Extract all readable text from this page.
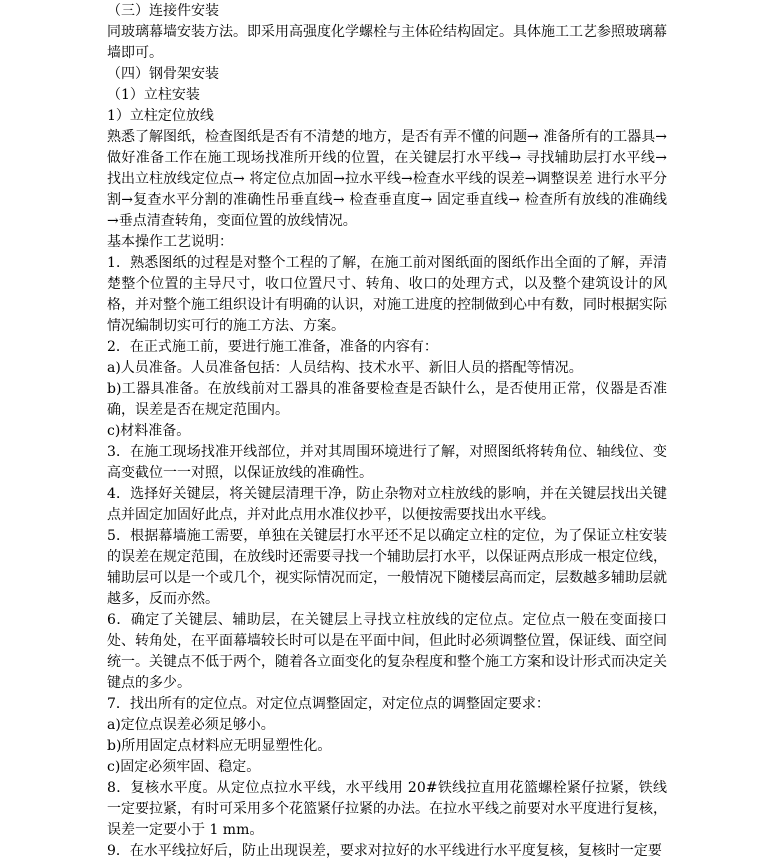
（三）连接件安装

同玻璃幕墙安装方法。即采用高强度化学螺栓与主体砼结构固定。具体施工工艺参照玻璃幕墙即可。

（四）钢骨架安装

（1）立柱安装

1）立柱定位放线

熟悉了解图纸，检查图纸是否有不清楚的地方，是否有弄不懂的问题→ 准备所有的工器具→做好准备工作在施工现场找准所开线的位置，在关键层打水平线→ 寻找辅助层打水平线→ 找出立柱放线定位点→ 将定位点加固→拉水平线→检查水平线的误差→调整误差 进行水平分割→复查水平分割的准确性吊垂直线→ 检查垂直度→ 固定垂直线→ 检查所有放线的准确线→垂点清查转角，变面位置的放线情况。

基本操作工艺说明：

1．熟悉图纸的过程是对整个工程的了解，在施工前对图纸面的图纸作出全面的了解，弄清楚整个位置的主导尺寸，收口位置尺寸、转角、收口的处理方式，以及整个建筑设计的风格，并对整个施工组织设计有明确的认识，对施工进度的控制做到心中有数，同时根据实际情况编制切实可行的施工方法、方案。

2．在正式施工前，要进行施工准备，准备的内容有：

a)人员准备。人员准备包括：人员结构、技术水平、新旧人员的搭配等情况。

b)工器具准备。在放线前对工器具的准备要检查是否缺什么，是否使用正常，仪器是否准确，误差是否在规定范围内。

c)材料准备。

3．在施工现场找准开线部位，并对其周围环境进行了解，对照图纸将转角位、轴线位、变高变截位一一对照，以保证放线的准确性。

4．选择好关键层，将关键层清理干净，防止杂物对立柱放线的影响，并在关键层找出关键点并固定加固好此点，并对此点用水准仪抄平，以便按需要找出水平线。

5．根据幕墙施工需要，单独在关键层打水平还不足以确定立柱的定位，为了保证立柱安装的误差在规定范围，在放线时还需要寻找一个辅助层打水平，以保证两点形成一根定位线，辅助层可以是一个或几个，视实际情况而定，一般情况下随楼层高而定，层数越多辅助层就越多，反而亦然。

6．确定了关键层、辅助层，在关键层上寻找立柱放线的定位点。定位点一般在变面接口处、转角处，在平面幕墙较长时可以是在平面中间，但此时必须调整位置，保证线、面空间统一。关键点不低于两个，随着各立面变化的复杂程度和整个施工方案和设计形式而决定关键点的多少。

7．找出所有的定位点。对定位点调整固定，对定位点的调整固定要求：

a)定位点误差必须足够小。

b)所用固定点材料应无明显塑性化。

c)固定必须牢固、稳定。

8．复核水平度。从定位点拉水平线，水平线用 20#铁线拉直用花篮螺栓紧仔拉紧，铁线一定要拉紧，有时可采用多个花篮紧仔拉紧的办法。在拉水平线之前要对水平度进行复核，误差一定要小于 1 mm。

9．在水平线拉好后，防止出现误差，要求对拉好的水平线进行水平度复核，复核时一定要
